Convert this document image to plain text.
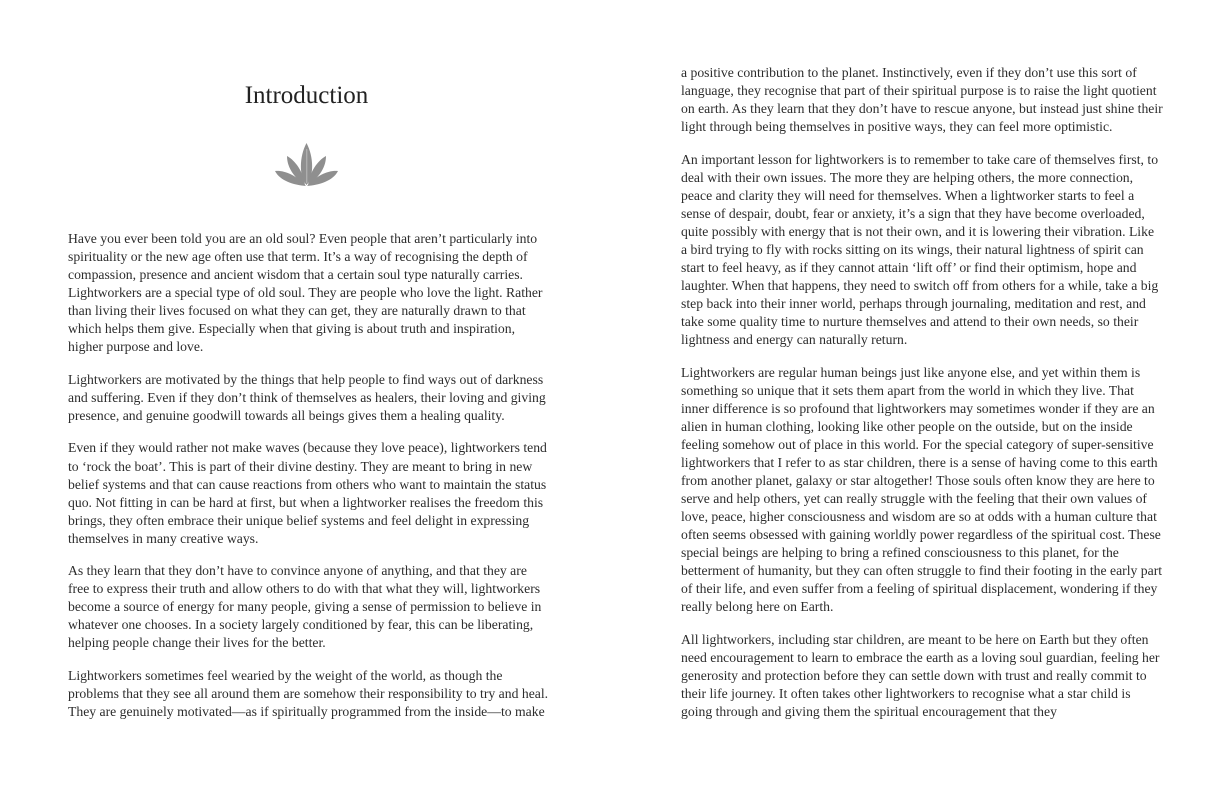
Introduction

Have you ever been told you are an old soul? Even people that aren’t particularly into spirituality or the new age often use that term. It’s a way of recognising the depth of compassion, presence and ancient wisdom that a certain soul type naturally carries. Lightworkers are a special type of old soul. They are people who love the light. Rather than living their lives focused on what they can get, they are naturally drawn to that which helps them give. Especially when that giving is about truth and inspiration, higher purpose and love.

Lightworkers are motivated by the things that help people to find ways out of darkness and suffering. Even if they don’t think of themselves as healers, their loving and giving presence, and genuine goodwill towards all beings gives them a healing quality.

Even if they would rather not make waves (because they love peace), lightworkers tend to ‘rock the boat’. This is part of their divine destiny. They are meant to bring in new belief systems and that can cause reactions from others who want to maintain the status quo. Not fitting in can be hard at first, but when a lightworker realises the freedom this brings, they often embrace their unique belief systems and feel delight in expressing themselves in many creative ways.

As they learn that they don’t have to convince anyone of anything, and that they are free to express their truth and allow others to do with that what they will, lightworkers become a source of energy for many people, giving a sense of permission to believe in whatever one chooses. In a society largely conditioned by fear, this can be liberating, helping people change their lives for the better.

Lightworkers sometimes feel wearied by the weight of the world, as though the problems that they see all around them are somehow their responsibility to try and heal. They are genuinely motivated—as if spiritually programmed from the inside—to make

a positive contribution to the planet. Instinctively, even if they don’t use this sort of language, they recognise that part of their spiritual purpose is to raise the light quotient on earth. As they learn that they don’t have to rescue anyone, but instead just shine their light through being themselves in positive ways, they can feel more optimistic.

An important lesson for lightworkers is to remember to take care of themselves first, to deal with their own issues. The more they are helping others, the more connection, peace and clarity they will need for themselves. When a lightworker starts to feel a sense of despair, doubt, fear or anxiety, it’s a sign that they have become overloaded, quite possibly with energy that is not their own, and it is lowering their vibration. Like a bird trying to fly with rocks sitting on its wings, their natural lightness of spirit can start to feel heavy, as if they cannot attain ‘lift off’ or find their optimism, hope and laughter. When that happens, they need to switch off from others for a while, take a big step back into their inner world, perhaps through journaling, meditation and rest, and take some quality time to nurture themselves and attend to their own needs, so their lightness and energy can naturally return.

Lightworkers are regular human beings just like anyone else, and yet within them is something so unique that it sets them apart from the world in which they live. That inner difference is so profound that lightworkers may sometimes wonder if they are an alien in human clothing, looking like other people on the outside, but on the inside feeling somehow out of place in this world. For the special category of super-sensitive lightworkers that I refer to as star children, there is a sense of having come to this earth from another planet, galaxy or star altogether! Those souls often know they are here to serve and help others, yet can really struggle with the feeling that their own values of love, peace, higher consciousness and wisdom are so at odds with a human culture that often seems obsessed with gaining worldly power regardless of the spiritual cost. These special beings are helping to bring a refined consciousness to this planet, for the betterment of humanity, but they can often struggle to find their footing in the early part of their life, and even suffer from a feeling of spiritual displacement, wondering if they really belong here on Earth.

All lightworkers, including star children, are meant to be here on Earth but they often need encouragement to learn to embrace the earth as a loving soul guardian, feeling her generosity and protection before they can settle down with trust and really commit to their life journey. It often takes other lightworkers to recognise what a star child is going through and giving them the spiritual encouragement that they
